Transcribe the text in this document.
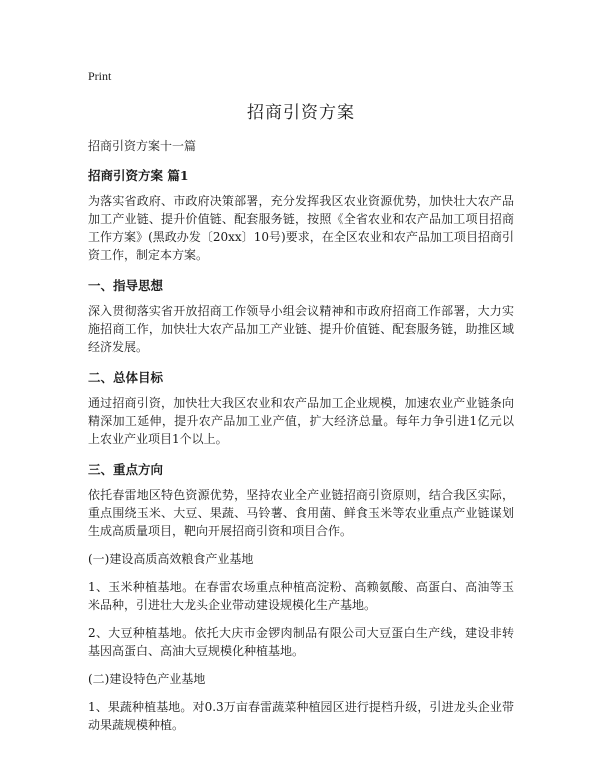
Print

招商引资方案

招商引资方案十一篇

招商引资方案 篇1

为落实省政府、市政府决策部署，充分发挥我区农业资源优势，加快壮大农产品加工产业链、提升价值链、配套服务链，按照《全省农业和农产品加工项目招商工作方案》(黑政办发〔20xx〕10号)要求，在全区农业和农产品加工项目招商引资工作，制定本方案。

一、指导思想

深入贯彻落实省开放招商工作领导小组会议精神和市政府招商工作部署，大力实施招商工作，加快壮大农产品加工产业链、提升价值链、配套服务链，助推区域经济发展。

二、总体目标

通过招商引资，加快壮大我区农业和农产品加工企业规模，加速农业产业链条向精深加工延伸，提升农产品加工业产值，扩大经济总量。每年力争引进1亿元以上农业产业项目1个以上。

三、重点方向

依托春雷地区特色资源优势，坚持农业全产业链招商引资原则，结合我区实际，重点围绕玉米、大豆、果蔬、马铃薯、食用菌、鲜食玉米等农业重点产业链谋划生成高质量项目，靶向开展招商引资和项目合作。

(一)建设高质高效粮食产业基地

1、玉米种植基地。在春雷农场重点种植高淀粉、高赖氨酸、高蛋白、高油等玉米品种，引进壮大龙头企业带动建设规模化生产基地。

2、大豆种植基地。依托大庆市金锣肉制品有限公司大豆蛋白生产线，建设非转基因高蛋白、高油大豆规模化种植基地。

(二)建设特色产业基地

1、果蔬种植基地。对0.3万亩春雷蔬菜种植园区进行提档升级，引进龙头企业带动果蔬规模种植。
